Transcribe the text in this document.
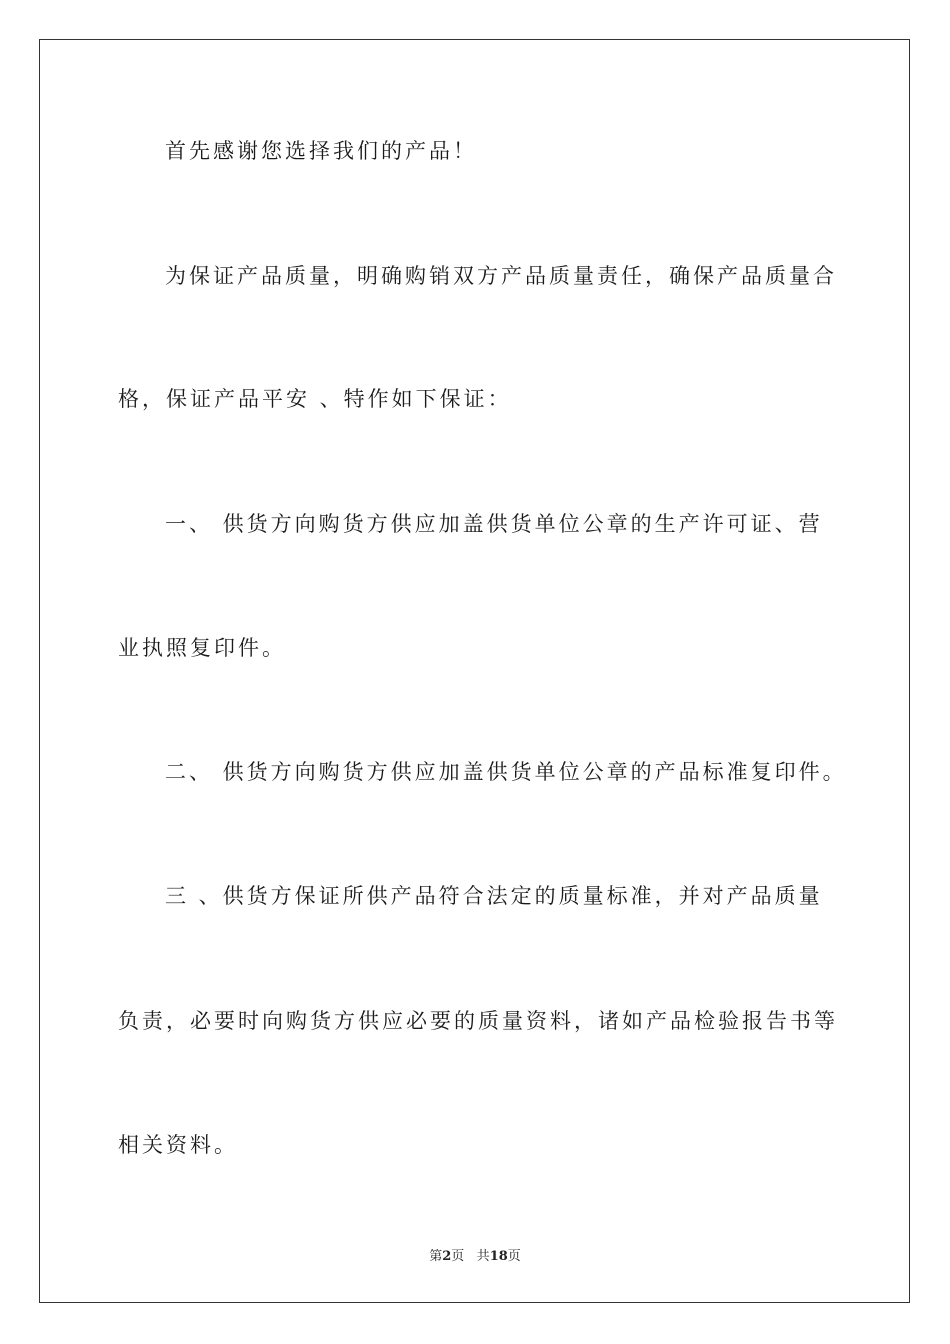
首先感谢您选择我们的产品！
为保证产品质量，明确购销双方产品质量责任，确保产品质量合
格，保证产品平安 、特作如下保证：
一、 供货方向购货方供应加盖供货单位公章的生产许可证、营
业执照复印件。
二、 供货方向购货方供应加盖供货单位公章的产品标准复印件。
三 、供货方保证所供产品符合法定的质量标准，并对产品质量
负责，必要时向购货方供应必要的质量资料，诸如产品检验报告书等
相关资料。
第2页 共18页
